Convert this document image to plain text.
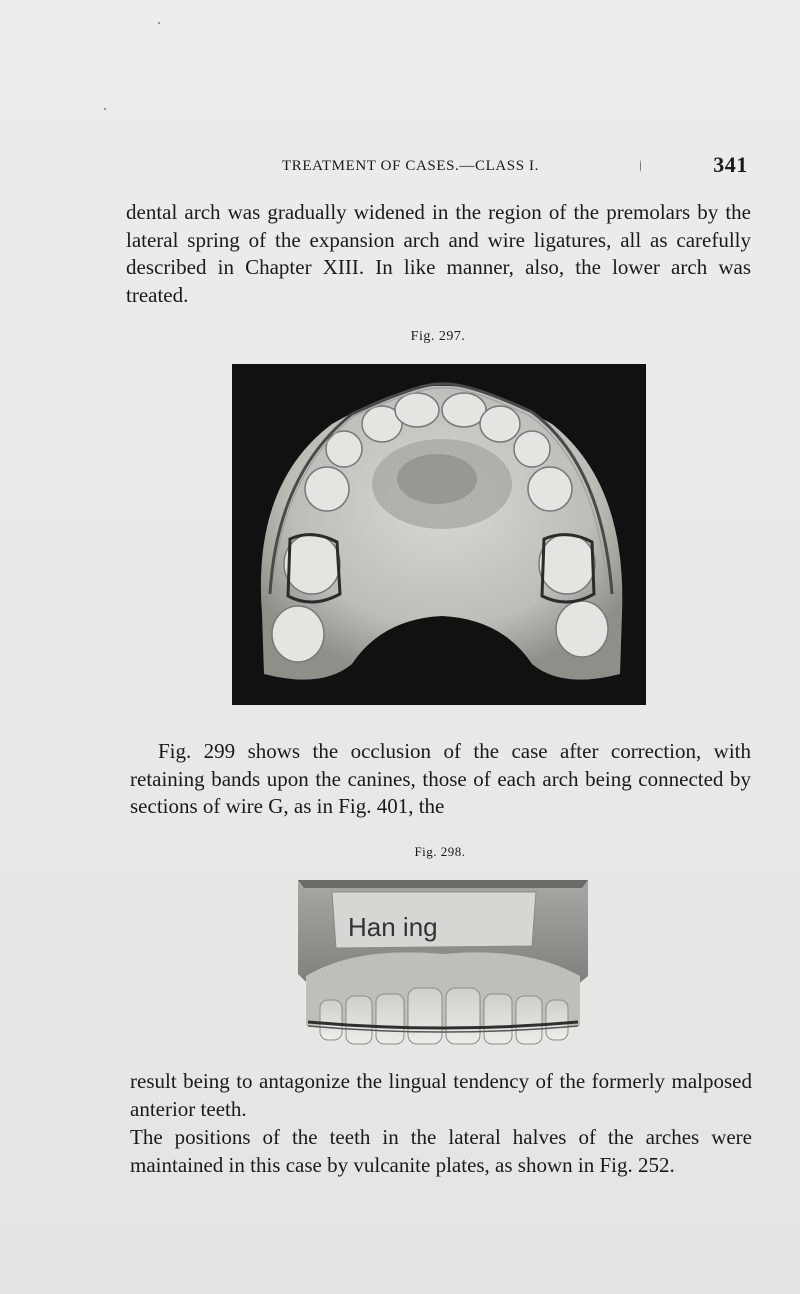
TREATMENT OF CASES.—CLASS I.	341

dental arch was gradually widened in the region of the premolars by the lateral spring of the expansion arch and wire ligatures, all as carefully described in Chapter XIII. In like manner, also, the lower arch was treated.

Fig. 297.

Fig. 299 shows the occlusion of the case after correction, with retaining bands upon the canines, those of each arch being connected by sections of wire G, as in Fig. 401, the

Fig. 298.
Han ing

result being to antagonize the lingual tendency of the formerly malposed anterior teeth.

The positions of the teeth in the lateral halves of the arches were maintained in this case by vulcanite plates, as shown in Fig. 252.
